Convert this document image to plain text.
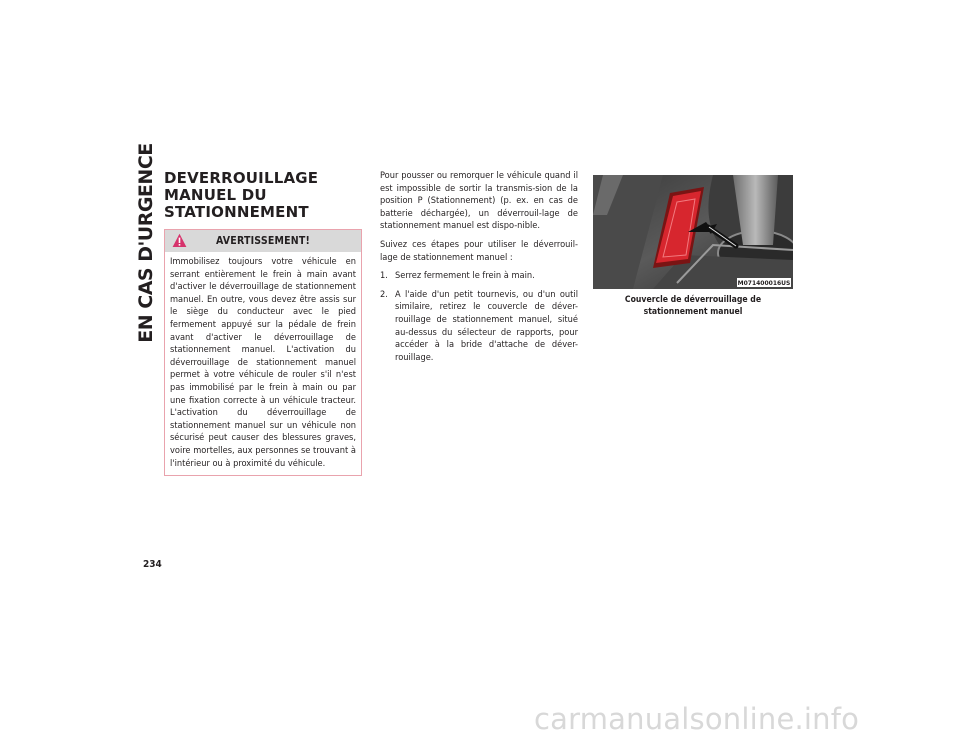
EN CAS D'URGENCE DEVERROUILLAGE
MANUEL DU
STATIONNEMENT
AVERTISSEMENT!

Immobilisez toujours votre véhicule en serrant entièrement le frein à main avant d'activer le déverrouillage de stationnement manuel. En outre, vous devez être assis sur le siège du conducteur avec le pied fermement appuyé sur la pédale de frein avant d'activer le déverrouillage de stationnement manuel. L'activation du déverrouillage de stationnement manuel permet à votre véhicule de rouler s'il n'est pas immobilisé par le frein à main ou par une fixation correcte à un véhicule tracteur. L'activation du déverrouillage de stationnement manuel sur un véhicule non sécurisé peut causer des blessures graves, voire mortelles, aux personnes se trouvant à l'intérieur ou à proximité du véhicule.

Pour pousser ou remorquer le véhicule quand il est impossible de sortir la transmis-sion de la position P (Stationnement) (p. ex. en cas de batterie déchargée), un déverrouil-lage de stationnement manuel est dispo-nible.

Suivez ces étapes pour utiliser le déverrouil-lage de stationnement manuel :

1. Serrez fermement le frein à main.
2. A l'aide d'un petit tournevis, ou d'un outil similaire, retirez le couvercle de déver-rouillage de stationnement manuel, situé au-dessus du sélecteur de rapports, pour accéder à la bride d'attache de déver-rouillage.
M071400016US
Couvercle de déverrouillage de stationnement manuel
234
carmanualsonline.info
